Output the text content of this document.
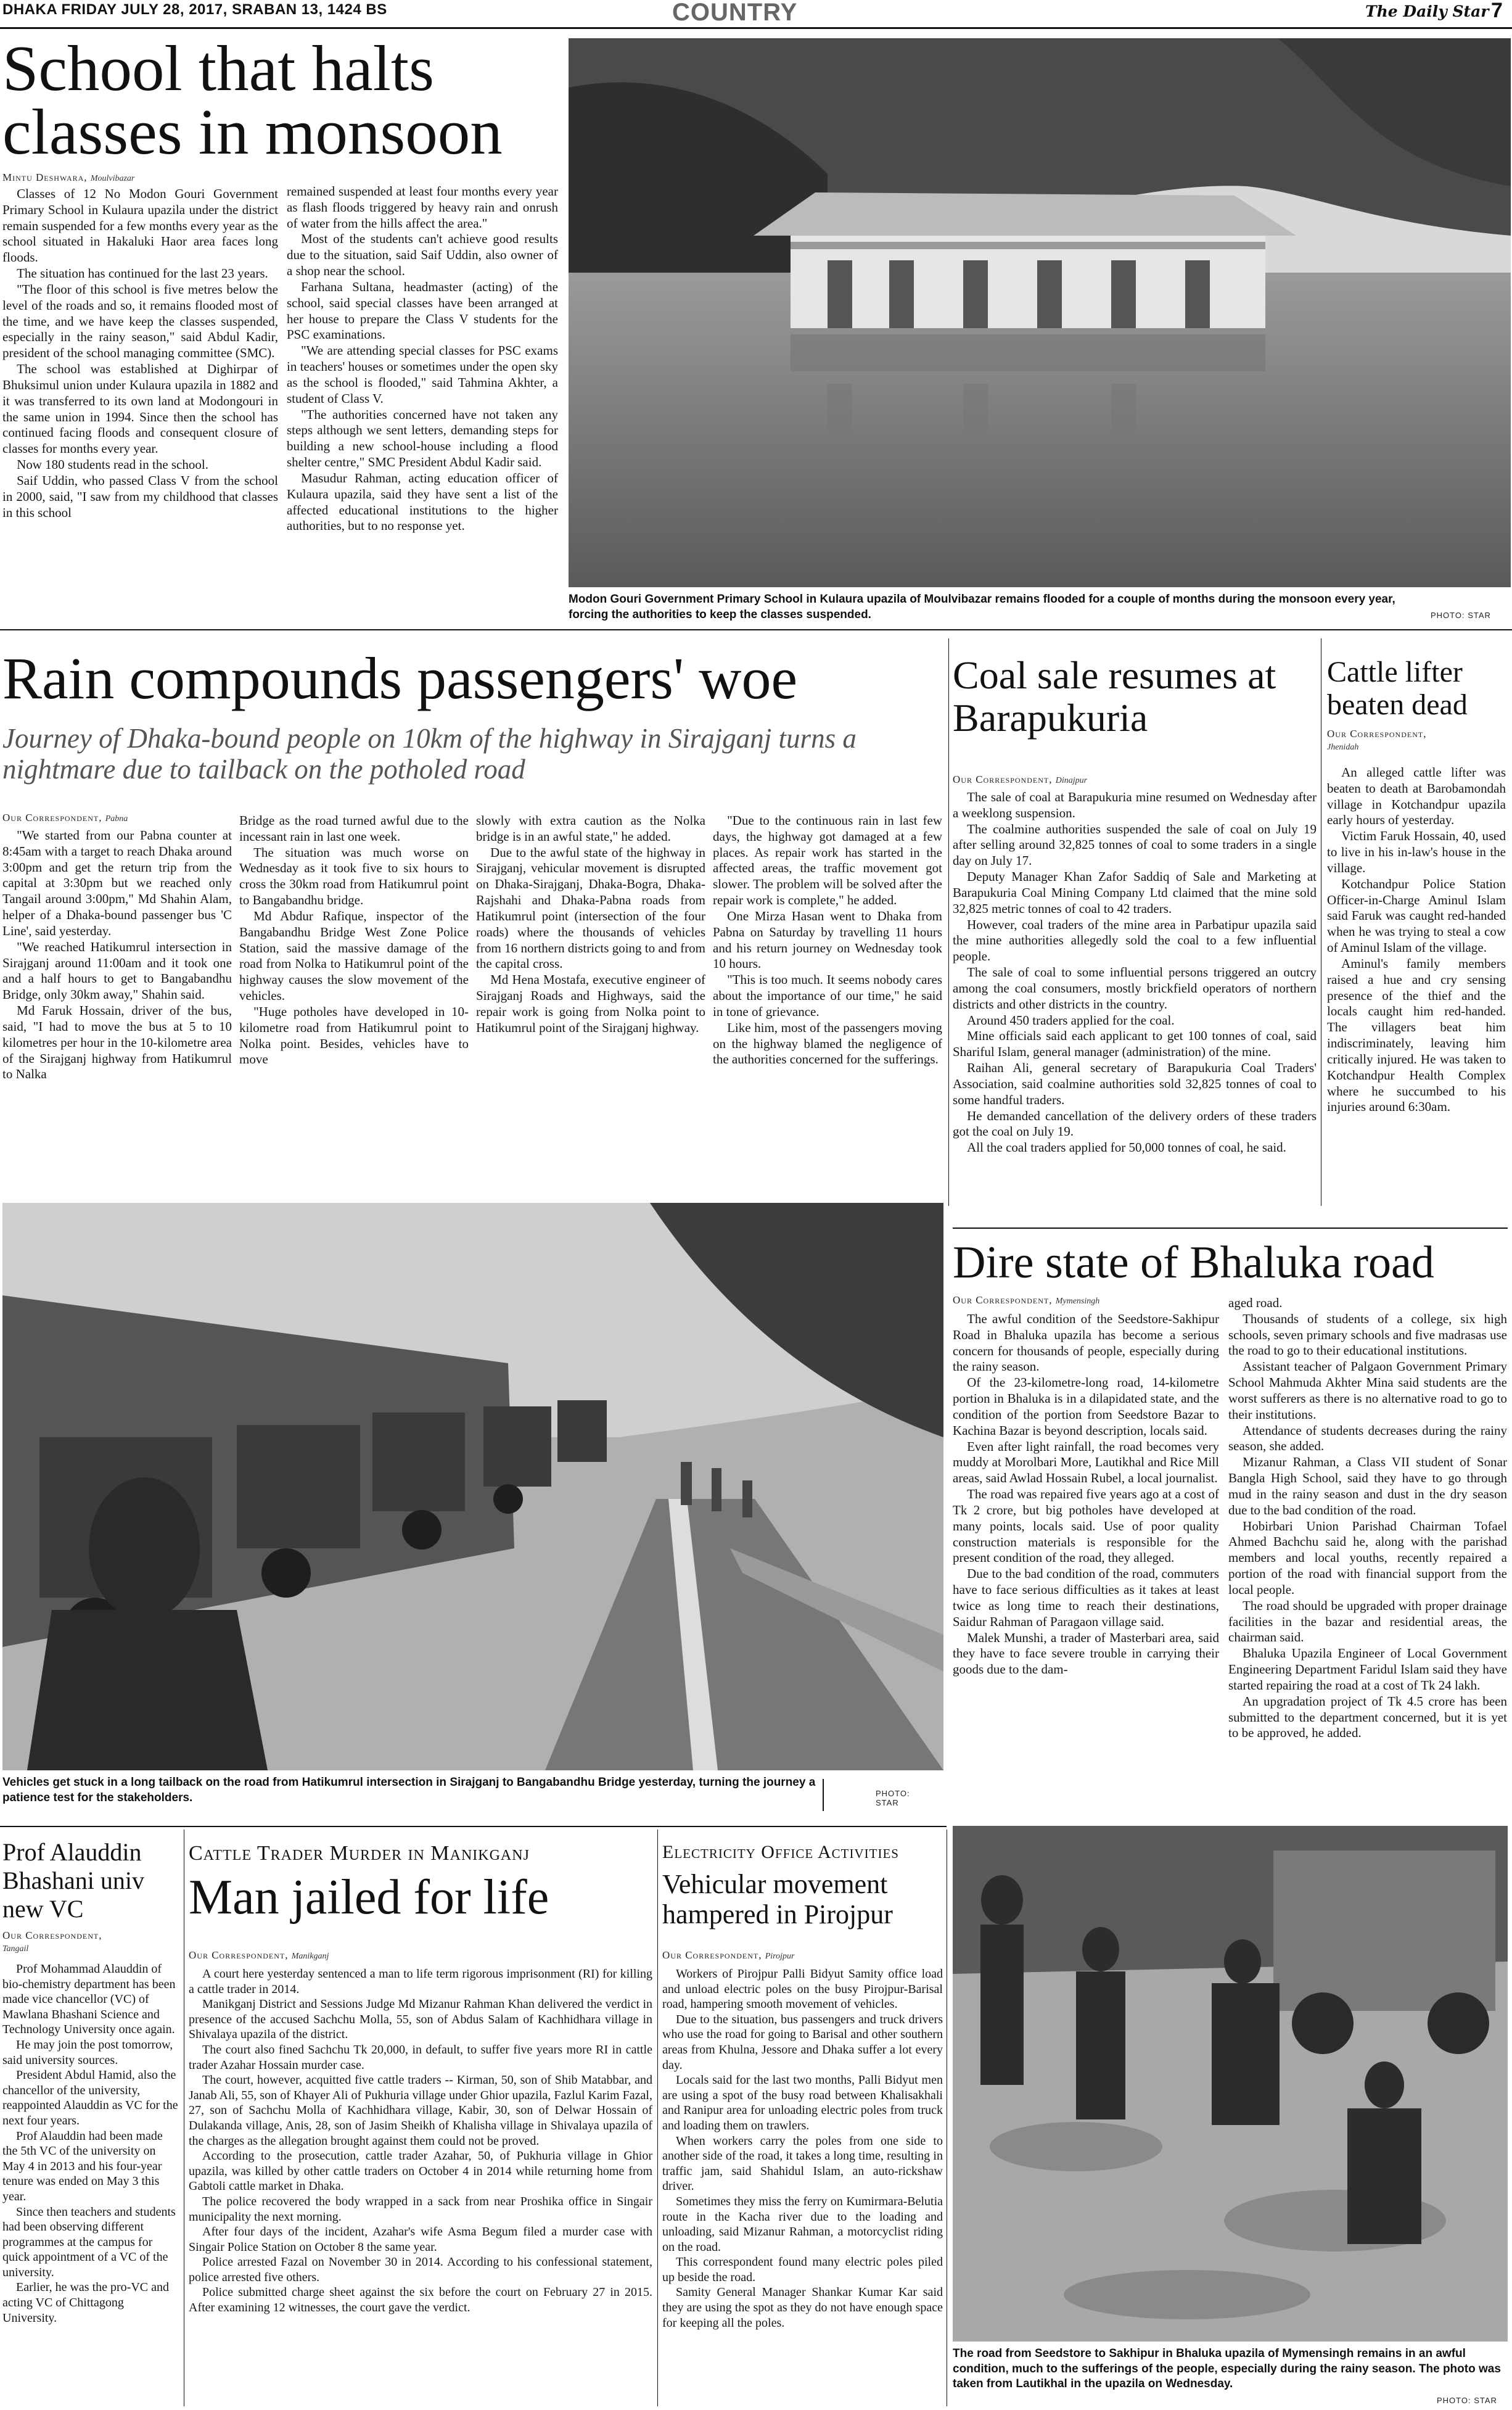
DHAKA FRIDAY JULY 28, 2017, SRABAN 13, 1424 BS	COUNTRY	The Daily Star 7
School that halts classes in monsoon
Mintu Deshwara, Moulvibazar

Classes of 12 No Modon Gouri Government Primary School in Kulaura upazila under the district remain suspended for a few months every year as the school situated in Hakaluki Haor area faces long floods.

The situation has continued for the last 23 years.

"The floor of this school is five metres below the level of the roads and so, it remains flooded most of the time, and we have keep the classes suspended, especially in the rainy season," said Abdul Kadir, president of the school managing committee (SMC).

The school was established at Dighirpar of Bhuksimul union under Kulaura upazila in 1882 and it was transferred to its own land at Modongouri in the same union in 1994. Since then the school has continued facing floods and consequent closure of classes for months every year.

Now 180 students read in the school.

Saif Uddin, who passed Class V from the school in 2000, said, "I saw from my childhood that classes in this school

remained suspended at least four months every year as flash floods triggered by heavy rain and onrush of water from the hills affect the area."

Most of the students can't achieve good results due to the situation, said Saif Uddin, also owner of a shop near the school.

Farhana Sultana, headmaster (acting) of the school, said special classes have been arranged at her house to prepare the Class V students for the PSC examinations.

"We are attending special classes for PSC exams in teachers' houses or sometimes under the open sky as the school is flooded," said Tahmina Akhter, a student of Class V.

"The authorities concerned have not taken any steps although we sent letters, demanding steps for building a new school-house including a flood shelter centre," SMC President Abdul Kadir said.

Masudur Rahman, acting education officer of Kulaura upazila, said they have sent a list of the affected educational institutions to the higher authorities, but to no response yet.

Modon Gouri Government Primary School in Kulaura upazila of Moulvibazar remains flooded for a couple of months during the monsoon every year, forcing the authorities to keep the classes suspended.	PHOTO: STAR
Rain compounds passengers' woe
Journey of Dhaka-bound people on 10km of the highway in Sirajganj turns a nightmare due to tailback on the potholed road
Our Correspondent, Pabna

"We started from our Pabna counter at 8:45am with a target to reach Dhaka around 3:00pm and get the return trip from the capital at 3:30pm but we reached only Tangail around 3:00pm," Md Shahin Alam, helper of a Dhaka-bound passenger bus 'C Line', said yesterday.

"We reached Hatikumrul intersection in Sirajganj around 11:00am and it took one and a half hours to get to Bangabandhu Bridge, only 30km away," Shahin said.

Md Faruk Hossain, driver of the bus, said, "I had to move the bus at 5 to 10 kilometres per hour in the 10-kilometre area of the Sirajganj highway from Hatikumrul to Nalka

Bridge as the road turned awful due to the incessant rain in last one week.

The situation was much worse on Wednesday as it took five to six hours to cross the 30km road from Hatikumrul point to Bangabandhu bridge.

Md Abdur Rafique, inspector of the Bangabandhu Bridge West Zone Police Station, said the massive damage of the road from Nolka to Hatikumrul point of the highway causes the slow movement of the vehicles.

"Huge potholes have developed in 10-kilometre road from Hatikumrul point to Nolka point. Besides, vehicles have to move

slowly with extra caution as the Nolka bridge is in an awful state," he added.

Due to the awful state of the highway in Sirajganj, vehicular movement is disrupted on Dhaka-Sirajganj, Dhaka-Bogra, Dhaka-Rajshahi and Dhaka-Pabna roads from Hatikumrul point (intersection of the four roads) where the thousands of vehicles from 16 northern districts going to and from the capital cross.

Md Hena Mostafa, executive engineer of Sirajganj Roads and Highways, said the repair work is going from Nolka point to Hatikumrul point of the Sirajganj highway.

"Due to the continuous rain in last few days, the highway got damaged at a few places. As repair work has started in the affected areas, the traffic movement got slower. The problem will be solved after the repair work is complete," he added.

One Mirza Hasan went to Dhaka from Pabna on Saturday by travelling 11 hours and his return journey on Wednesday took 10 hours.

"This is too much. It seems nobody cares about the importance of our time," he said in tone of grievance.

Like him, most of the passengers moving on the highway blamed the negligence of the authorities concerned for the sufferings.

Vehicles get stuck in a long tailback on the road from Hatikumrul intersection in Sirajganj to Bangabandhu Bridge yesterday, turning the journey a patience test for the stakeholders.	PHOTO: STAR
Coal sale resumes at Barapukuria
Our Correspondent, Dinajpur

The sale of coal at Barapukuria mine resumed on Wednesday after a weeklong suspension.

The coalmine authorities suspended the sale of coal on July 19 after selling around 32,825 tonnes of coal to some traders in a single day on July 17.

Deputy Manager Khan Zafor Saddiq of Sale and Marketing at Barapukuria Coal Mining Company Ltd claimed that the mine sold 32,825 metric tonnes of coal to 42 traders.

However, coal traders of the mine area in Parbatipur upazila said the mine authorities allegedly sold the coal to a few influential people.

The sale of coal to some influential persons triggered an outcry among the coal consumers, mostly brickfield operators of northern districts and other districts in the country.

Around 450 traders applied for the coal.

Mine officials said each applicant to get 100 tonnes of coal, said Shariful Islam, general manager (administration) of the mine.

Raihan Ali, general secretary of Barapukuria Coal Traders' Association, said coalmine authorities sold 32,825 tonnes of coal to some handful traders.

He demanded cancellation of the delivery orders of these traders got the coal on July 19.

All the coal traders applied for 50,000 tonnes of coal, he said.

Cattle lifter beaten dead
Our Correspondent,
Jhenidah

An alleged cattle lifter was beaten to death at Barobamondah village in Kotchandpur upazila early hours of yesterday.

Victim Faruk Hossain, 40, used to live in his in-law's house in the village.

Kotchandpur Police Station Officer-in-Charge Aminul Islam said Faruk was caught red-handed when he was trying to steal a cow of Aminul Islam of the village.

Aminul's family members raised a hue and cry sensing presence of the thief and the locals caught him red-handed. The villagers beat him indiscriminately, leaving him critically injured. He was taken to Kotchandpur Health Complex where he succumbed to his injuries around 6:30am.

Dire state of Bhaluka road
Our Correspondent, Mymensingh

The awful condition of the Seedstore-Sakhipur Road in Bhaluka upazila has become a serious concern for thousands of people, especially during the rainy season.

Of the 23-kilometre-long road, 14-kilometre portion in Bhaluka is in a dilapidated state, and the condition of the portion from Seedstore Bazar to Kachina Bazar is beyond description, locals said.

Even after light rainfall, the road becomes very muddy at Morolbari More, Lautikhal and Rice Mill areas, said Awlad Hossain Rubel, a local journalist.

The road was repaired five years ago at a cost of Tk 2 crore, but big potholes have developed at many points, locals said. Use of poor quality construction materials is responsible for the present condition of the road, they alleged.

Due to the bad condition of the road, commuters have to face serious difficulties as it takes at least twice as long time to reach their destinations, Saidur Rahman of Paragaon village said.

Malek Munshi, a trader of Masterbari area, said they have to face severe trouble in carrying their goods due to the dam-

aged road.

Thousands of students of a college, six high schools, seven primary schools and five madrasas use the road to go to their educational institutions.

Assistant teacher of Palgaon Government Primary School Mahmuda Akhter Mina said students are the worst sufferers as there is no alternative road to go to their institutions.

Attendance of students decreases during the rainy season, she added.

Mizanur Rahman, a Class VII student of Sonar Bangla High School, said they have to go through mud in the rainy season and dust in the dry season due to the bad condition of the road.

Hobirbari Union Parishad Chairman Tofael Ahmed Bachchu said he, along with the parishad members and local youths, recently repaired a portion of the road with financial support from the local people.

The road should be upgraded with proper drainage facilities in the bazar and residential areas, the chairman said.

Bhaluka Upazila Engineer of Local Government Engineering Department Faridul Islam said they have started repairing the road at a cost of Tk 24 lakh.

An upgradation project of Tk 4.5 crore has been submitted to the department concerned, but it is yet to be approved, he added.

The road from Seedstore to Sakhipur in Bhaluka upazila of Mymensingh remains in an awful condition, much to the sufferings of the people, especially during the rainy season. The photo was taken from Lautikhal in the upazila on Wednesday.
PHOTO: STAR
Prof Alauddin Bhashani univ new VC
Our Correspondent,
Tangail

Prof Mohammad Alauddin of bio-chemistry department has been made vice chancellor (VC) of Mawlana Bhashani Science and Technology University once again.

He may join the post tomorrow, said university sources.

President Abdul Hamid, also the chancellor of the university, reappointed Alauddin as VC for the next four years.

Prof Alauddin had been made the 5th VC of the university on May 4 in 2013 and his four-year tenure was ended on May 3 this year.

Since then teachers and students had been observing different programmes at the campus for quick appointment of a VC of the university.

Earlier, he was the pro-VC and acting VC of Chittagong University.

Cattle Trader Murder in Manikganj
Man jailed for life
Our Correspondent, Manikganj

A court here yesterday sentenced a man to life term rigorous imprisonment (RI) for killing a cattle trader in 2014.

Manikganj District and Sessions Judge Md Mizanur Rahman Khan delivered the verdict in presence of the accused Sachchu Molla, 55, son of Abdus Salam of Kachhidhara village in Shivalaya upazila of the district.

The court also fined Sachchu Tk 20,000, in default, to suffer five years more RI in cattle trader Azahar Hossain murder case.

The court, however, acquitted five cattle traders -- Kirman, 50, son of Shib Matabbar, and Janab Ali, 55, son of Khayer Ali of Pukhuria village under Ghior upazila, Fazlul Karim Fazal, 27, son of Sachchu Molla of Kachhidhara village, Kabir, 30, son of Delwar Hossain of Dulakanda village, Anis, 28, son of Jasim Sheikh of Khalisha village in Shivalaya upazila of the charges as the allegation brought against them could not be proved.

According to the prosecution, cattle trader Azahar, 50, of Pukhuria village in Ghior upazila, was killed by other cattle traders on October 4 in 2014 while returning home from Gabtoli cattle market in Dhaka.

The police recovered the body wrapped in a sack from near Proshika office in Singair municipality the next morning.

After four days of the incident, Azahar's wife Asma Begum filed a murder case with Singair Police Station on October 8 the same year.

Police arrested Fazal on November 30 in 2014. According to his confessional statement, police arrested five others.

Police submitted charge sheet against the six before the court on February 27 in 2015. After examining 12 witnesses, the court gave the verdict.

Electricity Office Activities
Vehicular movement hampered in Pirojpur
Our Correspondent, Pirojpur

Workers of Pirojpur Palli Bidyut Samity office load and unload electric poles on the busy Pirojpur-Barisal road, hampering smooth movement of vehicles.

Due to the situation, bus passengers and truck drivers who use the road for going to Barisal and other southern areas from Khulna, Jessore and Dhaka suffer a lot every day.

Locals said for the last two months, Palli Bidyut men are using a spot of the busy road between Khalisakhali and Ranipur area for unloading electric poles from truck and loading them on trawlers.

When workers carry the poles from one side to another side of the road, it takes a long time, resulting in traffic jam, said Shahidul Islam, an auto-rickshaw driver.

Sometimes they miss the ferry on Kumirmara-Belutia route in the Kacha river due to the loading and unloading, said Mizanur Rahman, a motorcyclist riding on the road.

This correspondent found many electric poles piled up beside the road.

Samity General Manager Shankar Kumar Kar said they are using the spot as they do not have enough space for keeping all the poles.
